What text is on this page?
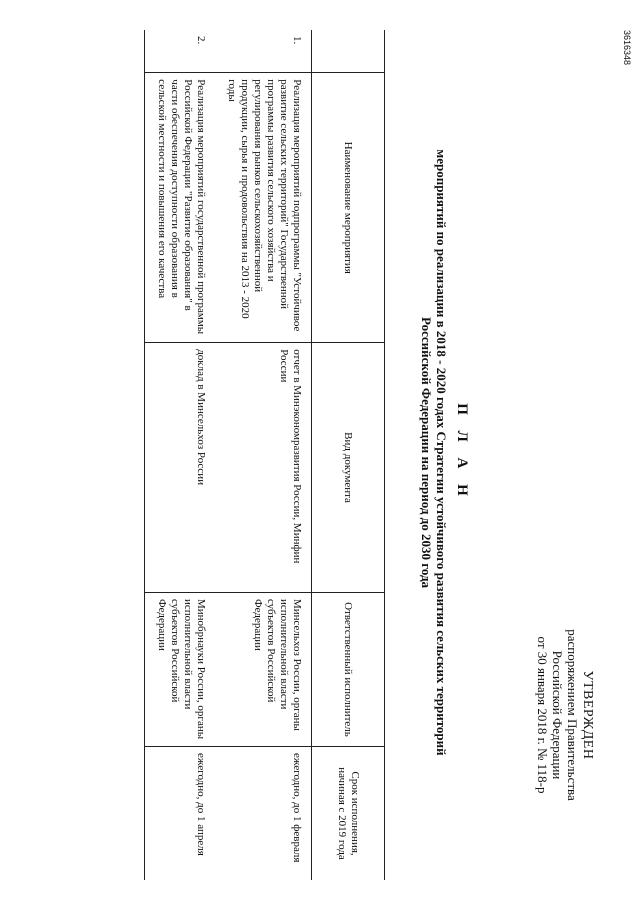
УТВЕРЖДЕН
распоряжением Правительства
Российской Федерации
от 30 января 2018 г. № 118-р
П Л А Н
мероприятий по реализации в 2018 - 2020 годах Стратегии устойчивого развития сельских территорий
Российской Федерации на период до 2030 года
	Наименование мероприятия	Вид документа	Ответственный исполнитель	Срок исполнения, начиная с 2019 года
1.	Реализация мероприятий подпрограммы "Устойчивое развитие сельских территорий" Государственной программы развития сельского хозяйства и регулирования рынков сельскохозяйственной продукции, сырья и продовольствия на 2013 - 2020 годы	отчет в Минэкономразвития России, Минфин России	Минсельхоз России, органы исполнительной власти субъектов Российской Федерации	ежегодно, до 1 февраля
2.	Реализация мероприятий государственной программы Российской Федерации "Развитие образования" в части обеспечения доступности образования в сельской местности и повышения его качества	доклад в Минсельхоз России	Минобрнауки России, органы исполнительной власти субъектов Российской Федерации	ежегодно, до 1 апреля
3616348
